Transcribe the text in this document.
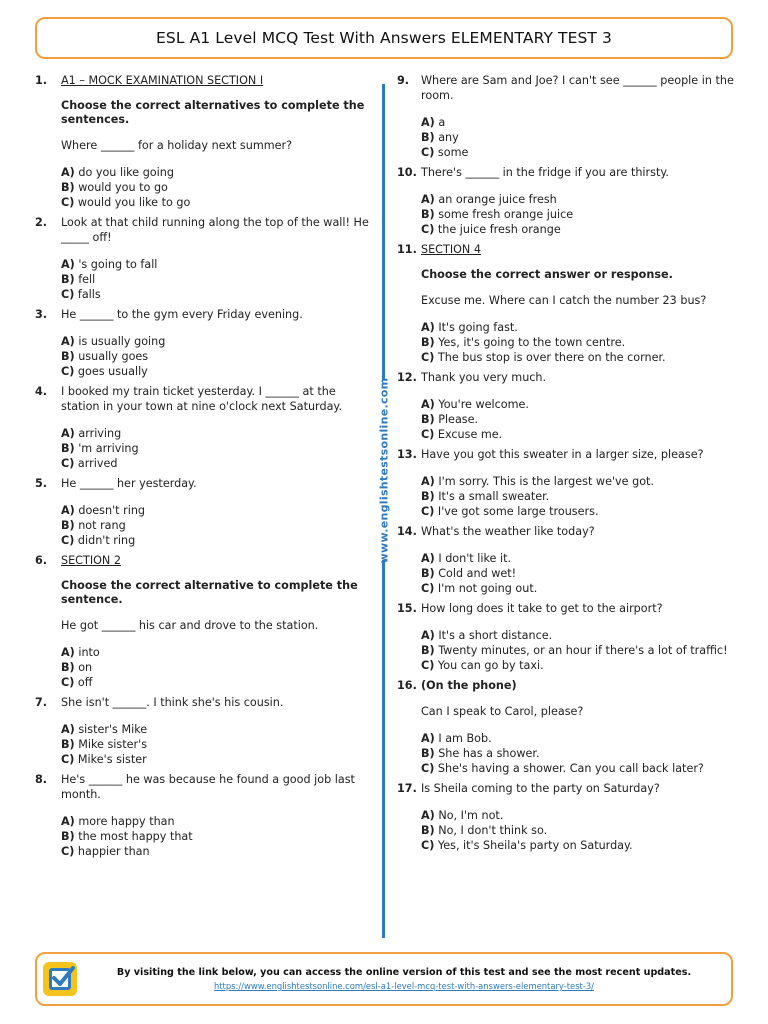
ESL A1 Level MCQ Test With Answers ELEMENTARY TEST 3
1. A1 – MOCK EXAMINATION SECTION I
Choose the correct alternatives to complete the sentences.
Where ______ for a holiday next summer?
A) do you like going
B) would you to go
C) would you like to go
2. Look at that child running along the top of the wall! He _____ off!
A) 's going to fall
B) fell
C) falls
3. He ______ to the gym every Friday evening.
A) is usually going
B) usually goes
C) goes usually
4. I booked my train ticket yesterday. I ______ at the station in your town at nine o'clock next Saturday.
A) arriving
B) 'm arriving
C) arrived
5. He ______ her yesterday.
A) doesn't ring
B) not rang
C) didn't ring
6. SECTION 2
Choose the correct alternative to complete the sentence.
He got ______ his car and drove to the station.
A) into
B) on
C) off
7. She isn't ______. I think she's his cousin.
A) sister's Mike
B) Mike sister's
C) Mike's sister
8. He's ______ he was because he found a good job last month.
A) more happy than
B) the most happy that
C) happier than
9. Where are Sam and Joe? I can't see ______ people in the room.
A) a
B) any
C) some
10. There's ______ in the fridge if you are thirsty.
A) an orange juice fresh
B) some fresh orange juice
C) the juice fresh orange
11. SECTION 4
Choose the correct answer or response.
Excuse me. Where can I catch the number 23 bus?
A) It's going fast.
B) Yes, it's going to the town centre.
C) The bus stop is over there on the corner.
12. Thank you very much.
A) You're welcome.
B) Please.
C) Excuse me.
13. Have you got this sweater in a larger size, please?
A) I'm sorry. This is the largest we've got.
B) It's a small sweater.
C) I've got some large trousers.
14. What's the weather like today?
A) I don't like it.
B) Cold and wet!
C) I'm not going out.
15. How long does it take to get to the airport?
A) It's a short distance.
B) Twenty minutes, or an hour if there's a lot of traffic!
C) You can go by taxi.
16. (On the phone)
Can I speak to Carol, please?
A) I am Bob.
B) She has a shower.
C) She's having a shower. Can you call back later?
17. Is Sheila coming to the party on Saturday?
A) No, I'm not.
B) No, I don't think so.
C) Yes, it's Sheila's party on Saturday.
www.englishtestsonline.com
By visiting the link below, you can access the online version of this test and see the most recent updates.
https://www.englishtestsonline.com/esl-a1-level-mcq-test-with-answers-elementary-test-3/
